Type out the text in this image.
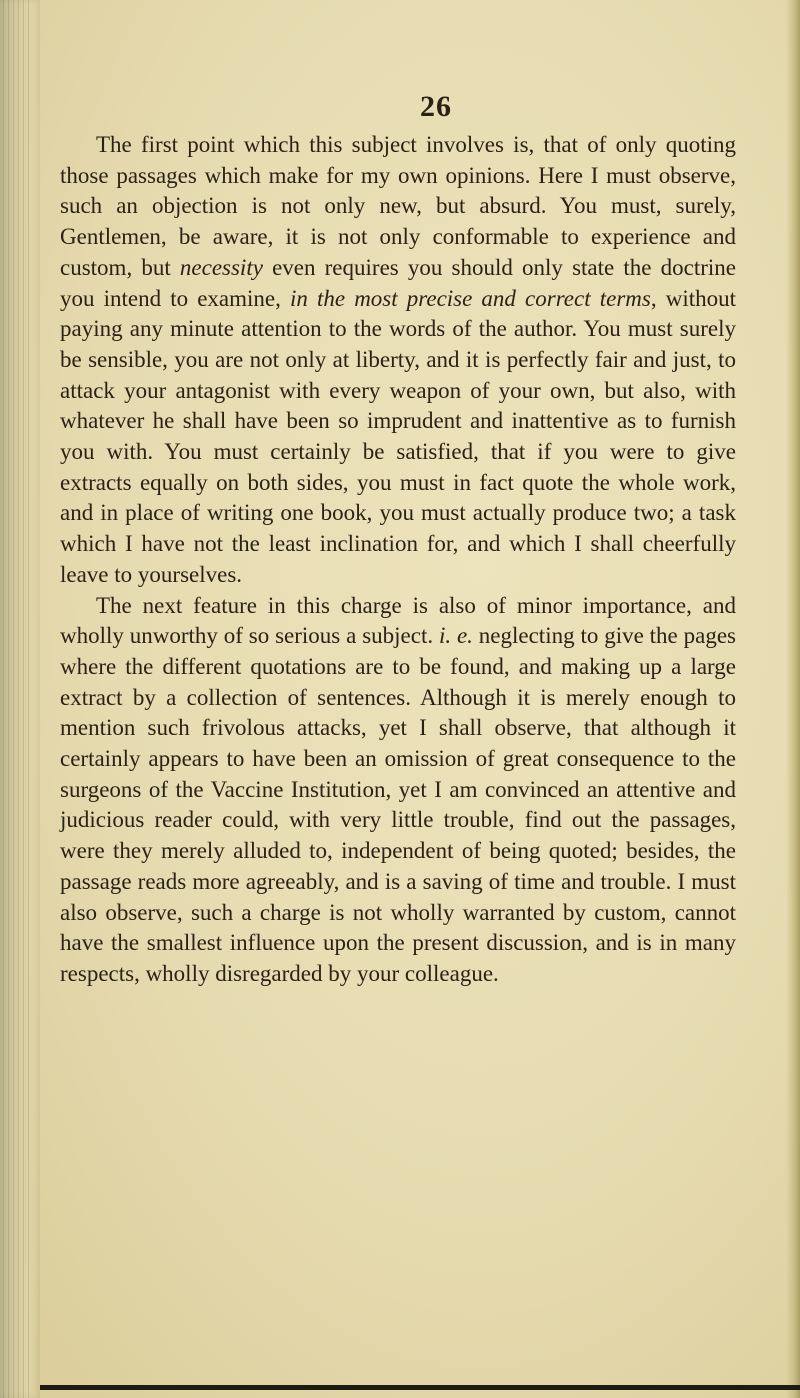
26

The first point which this subject involves is, that of only quoting those passages which make for my own opinions. Here I must observe, such an objection is not only new, but absurd. You must, surely, Gentlemen, be aware, it is not only conformable to experience and custom, but necessity even requires you should only state the doctrine you intend to examine, in the most precise and correct terms, without paying any minute attention to the words of the author. You must surely be sensible, you are not only at liberty, and it is perfectly fair and just, to attack your antagonist with every weapon of your own, but also, with whatever he shall have been so imprudent and inattentive as to furnish you with. You must certainly be satisfied, that if you were to give extracts equally on both sides, you must in fact quote the whole work, and in place of writing one book, you must actually produce two; a task which I have not the least inclination for, and which I shall cheerfully leave to yourselves.

The next feature in this charge is also of minor importance, and wholly unworthy of so serious a subject. i. e. neglecting to give the pages where the different quotations are to be found, and making up a large extract by a collection of sentences. Although it is merely enough to mention such frivolous attacks, yet I shall observe, that although it certainly appears to have been an omission of great consequence to the surgeons of the Vaccine Institution, yet I am convinced an attentive and judicious reader could, with very little trouble, find out the passages, were they merely alluded to, independent of being quoted; besides, the passage reads more agreeably, and is a saving of time and trouble. I must also observe, such a charge is not wholly warranted by custom, cannot have the smallest influence upon the present discussion, and is in many respects, wholly disregarded by your colleague.
